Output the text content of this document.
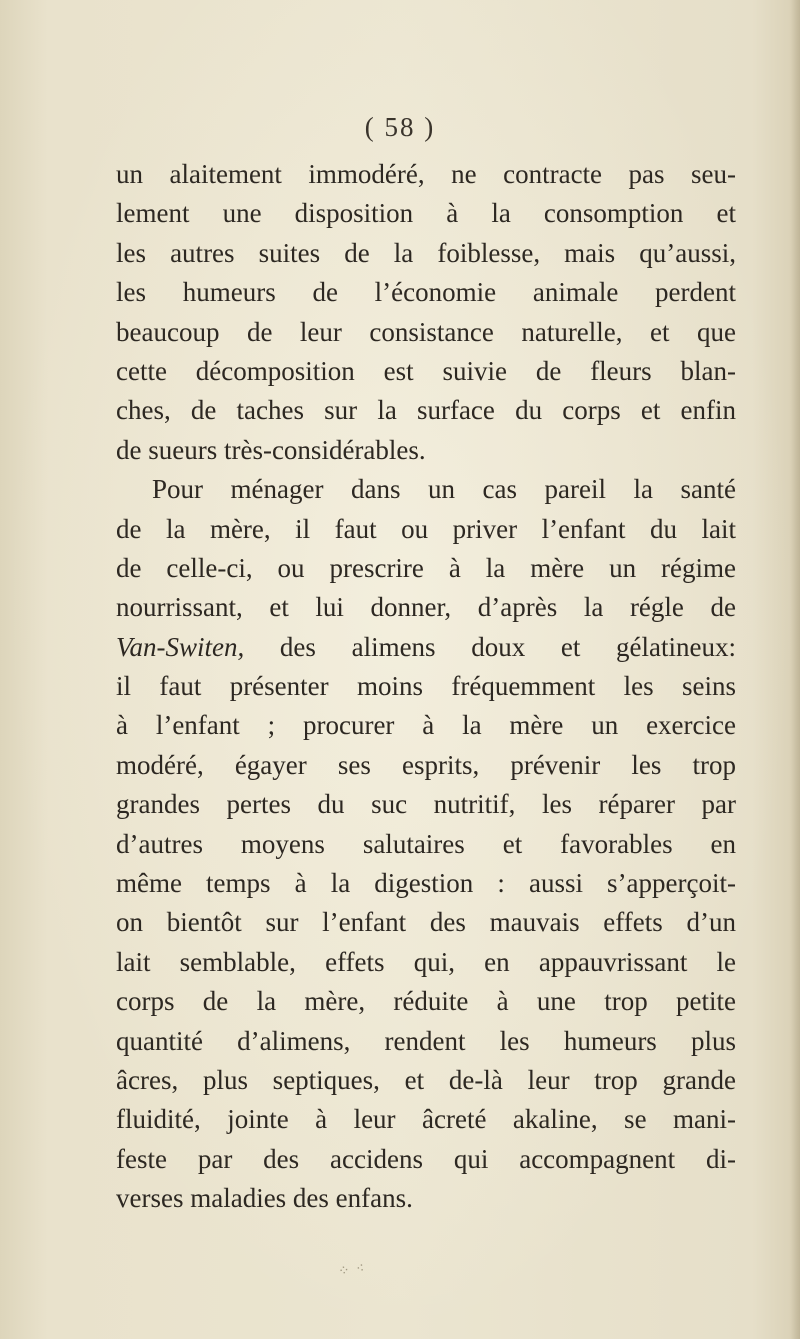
( 58 )
un alaitement immodéré, ne contracte pas seu-
lement une disposition à la consomption et
les autres suites de la foiblesse, mais qu’aussi,
les humeurs de l’économie animale perdent
beaucoup de leur consistance naturelle, et que
cette décomposition est suivie de fleurs blan-
ches, de taches sur la surface du corps et enfin
de sueurs très-considérables.
Pour ménager dans un cas pareil la santé
de la mère, il faut ou priver l’enfant du lait
de celle-ci, ou prescrire à la mère un régime
nourrissant, et lui donner, d’après la régle de
Van-Switen, des alimens doux et gélatineux:
il faut présenter moins fréquemment les seins
à l’enfant ; procurer à la mère un exercice
modéré, égayer ses esprits, prévenir les trop
grandes pertes du suc nutritif, les réparer par
d’autres moyens salutaires et favorables en
même temps à la digestion : aussi s’apperçoit-
on bientôt sur l’enfant des mauvais effets d’un
lait semblable, effets qui, en appauvrissant le
corps de la mère, réduite à une trop petite
quantité d’alimens, rendent les humeurs plus
âcres, plus septiques, et de-là leur trop grande
fluidité, jointe à leur âcreté akaline, se mani-
feste par des accidens qui accompagnent di-
verses maladies des enfans.
⁘ ⁖
